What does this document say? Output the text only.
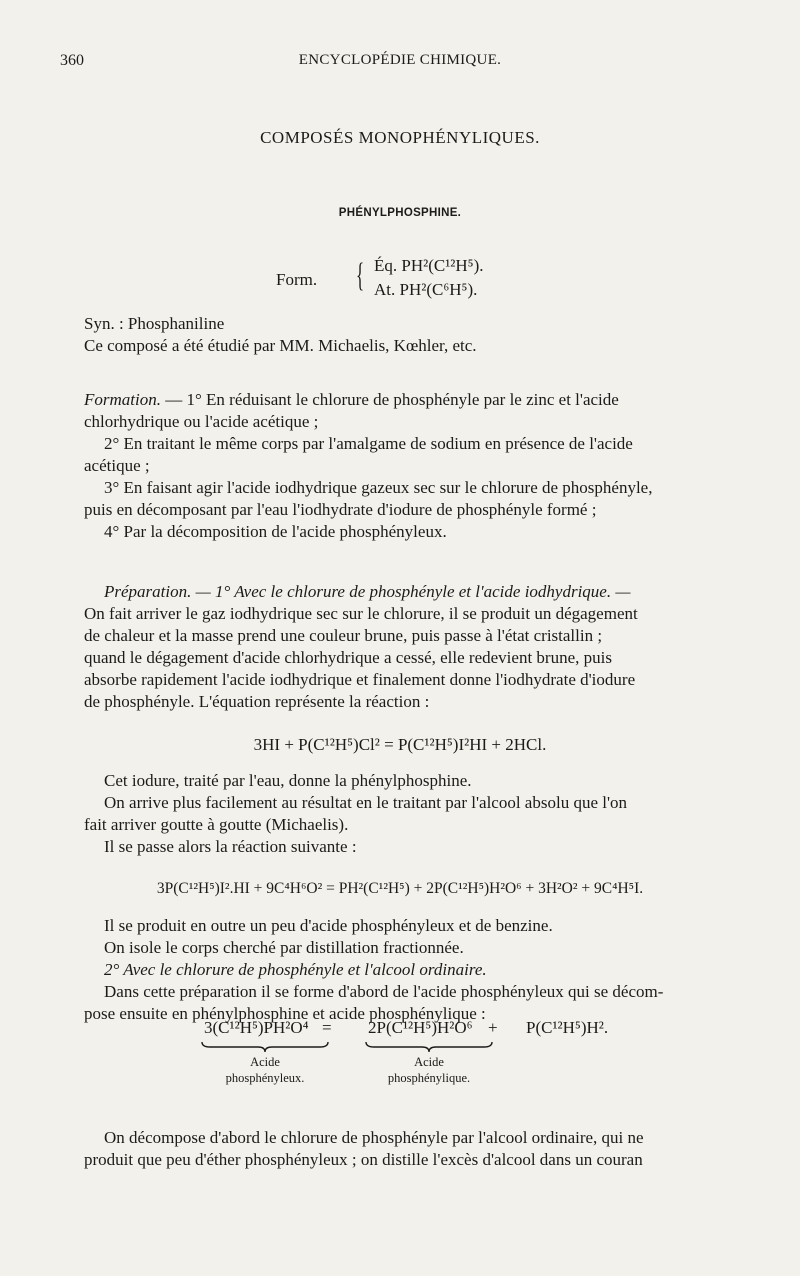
360	ENCYCLOPÉDIE CHIMIQUE.
COMPOSÉS MONOPHÉNYLIQUES.
PHÉNYLPHOSPHINE.
Form. { Éq. PH²(C¹²H⁵).
At. PH²(C⁶H⁵).

Syn. : Phosphaniline

Ce composé a été étudié par MM. Michaelis, Kœhler, etc.

Formation. — 1° En réduisant le chlorure de phosphényle par le zinc et l'acide

chlorhydrique ou l'acide acétique ;

2° En traitant le même corps par l'amalgame de sodium en présence de l'acide

acétique ;

3° En faisant agir l'acide iodhydrique gazeux sec sur le chlorure de phosphényle,

puis en décomposant par l'eau l'iodhydrate d'iodure de phosphényle formé ;

4° Par la décomposition de l'acide phosphényleux.

Préparation. — 1° Avec le chlorure de phosphényle et l'acide iodhydrique. —

On fait arriver le gaz iodhydrique sec sur le chlorure, il se produit un dégagement

de chaleur et la masse prend une couleur brune, puis passe à l'état cristallin ;

quand le dégagement d'acide chlorhydrique a cessé, elle redevient brune, puis

absorbe rapidement l'acide iodhydrique et finalement donne l'iodhydrate d'iodure

de phosphényle. L'équation représente la réaction :

3HI + P(C¹²H⁵)Cl² = P(C¹²H⁵)I²HI + 2HCl.

Cet iodure, traité par l'eau, donne la phénylphosphine.

On arrive plus facilement au résultat en le traitant par l'alcool absolu que l'on

fait arriver goutte à goutte (Michaelis).

Il se passe alors la réaction suivante :

3P(C¹²H⁵)I².HI + 9C⁴H⁶O² = PH²(C¹²H⁵) + 2P(C¹²H⁵)H²O⁶ + 3H²O² + 9C⁴H⁵I.

Il se produit en outre un peu d'acide phosphényleux et de benzine.

On isole le corps cherché par distillation fractionnée.

2° Avec le chlorure de phosphényle et l'alcool ordinaire.

Dans cette préparation il se forme d'abord de l'acide phosphényleux qui se décom-

pose ensuite en phénylphosphine et acide phosphénylique :

3(C¹²H⁵)PH²O⁴ = 2P(C¹²H⁵)H²O⁶ + P(C¹²H⁵)H².
Acide
phosphényleux.
Acide
phosphénylique.

On décompose d'abord le chlorure de phosphényle par l'alcool ordinaire, qui ne

produit que peu d'éther phosphényleux ; on distille l'excès d'alcool dans un couran
